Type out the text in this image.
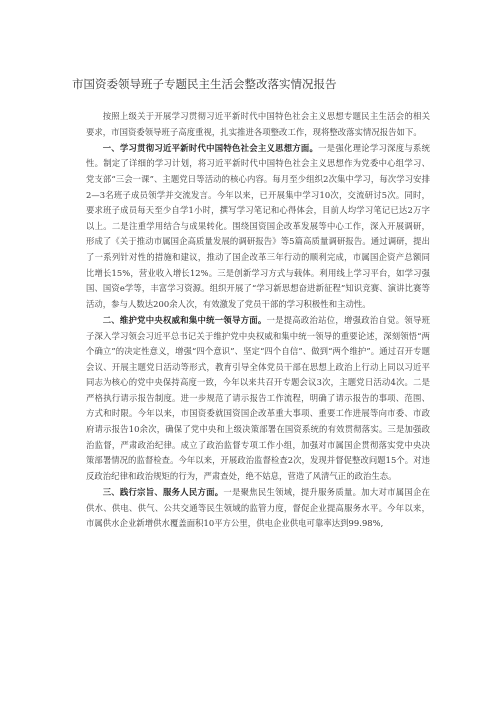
市国资委领导班子专题民主生活会整改落实情况报告

按照上级关于开展学习贯彻习近平新时代中国特色社会主义思想专题民主生活会的相关要求，市国资委领导班子高度重视，扎实推进各项整改工作，现将整改落实情况报告如下。

一、学习贯彻习近平新时代中国特色社会主义思想方面。一是强化理论学习深度与系统性。制定了详细的学习计划，将习近平新时代中国特色社会主义思想作为党委中心组学习、党支部“三会一课”、主题党日等活动的核心内容。每月至少组织2次集中学习，每次学习安排2—3名班子成员领学并交流发言。今年以来，已开展集中学习10次，交流研讨5次。同时，要求班子成员每天至少自学1小时，撰写学习笔记和心得体会，目前人均学习笔记已达2万字以上。二是注重学用结合与成果转化。围绕国资国企改革发展等中心工作，深入开展调研，形成了《关于推动市属国企高质量发展的调研报告》等5篇高质量调研报告。通过调研，提出了一系列针对性的措施和建议，推动了国企改革三年行动的顺利完成，市属国企资产总额同比增长15%，营业收入增长12%。三是创新学习方式与载体。利用线上学习平台，如学习强国、国资e学等，丰富学习资源。组织开展了“学习新思想奋进新征程”知识竞赛、演讲比赛等活动，参与人数达200余人次，有效激发了党员干部的学习积极性和主动性。

二、维护党中央权威和集中统一领导方面。一是提高政治站位，增强政治自觉。领导班子深入学习领会习近平总书记关于维护党中央权威和集中统一领导的重要论述，深刻领悟“两个确立”的决定性意义，增强“四个意识”、坚定“四个自信”、做到“两个维护”。通过召开专题会议、开展主题党日活动等形式，教育引导全体党员干部在思想上政治上行动上同以习近平同志为核心的党中央保持高度一致，今年以来共召开专题会议3次，主题党日活动4次。二是严格执行请示报告制度。进一步规范了请示报告工作流程，明确了请示报告的事项、范围、方式和时限。今年以来，市国资委就国资国企改革重大事项、重要工作进展等向市委、市政府请示报告10余次，确保了党中央和上级决策部署在国资系统的有效贯彻落实。三是加强政治监督，严肃政治纪律。成立了政治监督专项工作小组，加强对市属国企贯彻落实党中央决策部署情况的监督检查。今年以来，开展政治监督检查2次，发现并督促整改问题15个。对违反政治纪律和政治规矩的行为，严肃查处，绝不姑息，营造了风清气正的政治生态。

三、践行宗旨、服务人民方面。一是聚焦民生领域，提升服务质量。加大对市属国企在供水、供电、供气、公共交通等民生领域的监管力度，督促企业提高服务水平。今年以来，市属供水企业新增供水覆盖面积10平方公里，供电企业供电可靠率达到99.98%,
